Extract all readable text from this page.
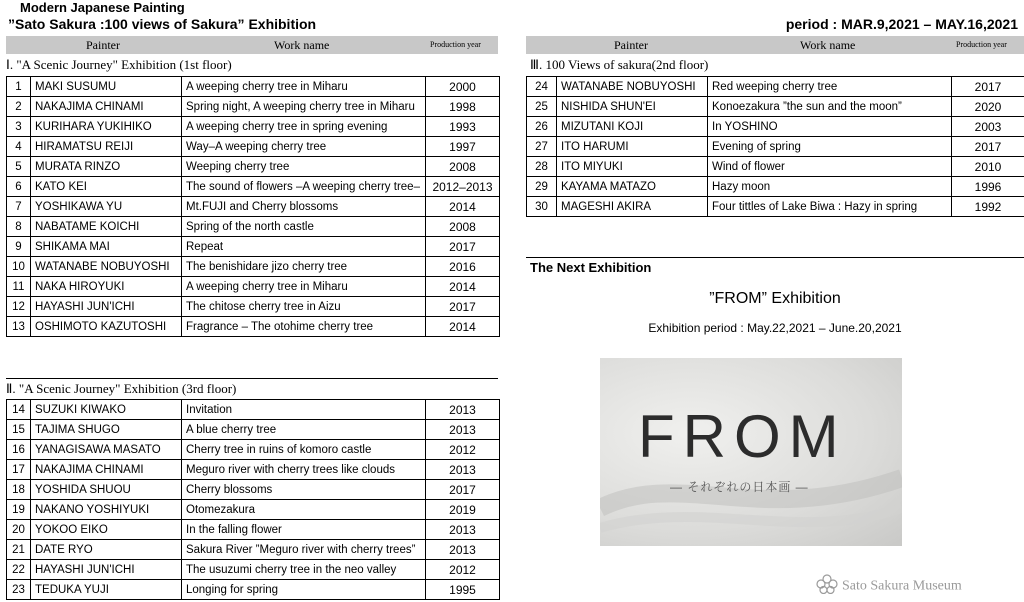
Modern Japanese Painting
”Sato Sakura :100 views of Sakura” Exhibition	period : MAR.9,2021 – MAY.16,2021
Painter	Work name	Production year	Painter	Work name	Production year
Ⅰ. "A Scenic Journey" Exhibition (1st floor)
1	MAKI SUSUMU	A weeping cherry tree in Miharu	2000
2	NAKAJIMA CHINAMI	Spring night, A weeping cherry tree in Miharu	1998
3	KURIHARA YUKIHIKO	A weeping cherry tree in spring evening	1993
4	HIRAMATSU REIJI	Way–A weeping cherry tree	1997
5	MURATA RINZO	Weeping cherry tree	2008
6	KATO KEI	The sound of flowers –A weeping cherry tree–	2012–2013
7	YOSHIKAWA YU	Mt.FUJI and Cherry blossoms	2014
8	NABATAME KOICHI	Spring of the north castle	2008
9	SHIKAMA MAI	Repeat	2017
10	WATANABE NOBUYOSHI	The benishidare jizo cherry tree	2016
11	NAKA HIROYUKI	A weeping cherry tree in Miharu	2014
12	HAYASHI JUN'ICHI	The chitose cherry tree in Aizu	2017
13	OSHIMOTO KAZUTOSHI	Fragrance – The otohime cherry tree	2014
Ⅱ. "A Scenic Journey" Exhibition (3rd floor)
14	SUZUKI KIWAKO	Invitation	2013
15	TAJIMA SHUGO	A blue cherry tree	2013
16	YANAGISAWA MASATO	Cherry tree in ruins of komoro castle	2012
17	NAKAJIMA CHINAMI	Meguro river with cherry trees like clouds	2013
18	YOSHIDA SHUOU	Cherry blossoms	2017
19	NAKANO YOSHIYUKI	Otomezakura	2019
20	YOKOO EIKO	In the falling flower	2013
21	DATE RYO	Sakura River ”Meguro river with cherry trees”	2013
22	HAYASHI JUN'ICHI	The usuzumi cherry tree in the neo valley	2012
23	TEDUKA YUJI	Longing for spring	1995
Ⅲ. 100 Views of sakura(2nd floor)
24	WATANABE NOBUYOSHI	Red weeping cherry tree	2017
25	NISHIDA SHUN'EI	Konoezakura ”the sun and the moon”	2020
26	MIZUTANI KOJI	In YOSHINO	2003
27	ITO HARUMI	Evening of spring	2017
28	ITO MIYUKI	Wind of flower	2010
29	KAYAMA MATAZO	Hazy moon	1996
30	MAGESHI AKIRA	Four tittles of Lake Biwa : Hazy in spring	1992
The Next Exhibition
”FROM” Exhibition
Exhibition period : May.22,2021 – June.20,2021
FROM
— それぞれの日本画 —
Sato Sakura Museum
